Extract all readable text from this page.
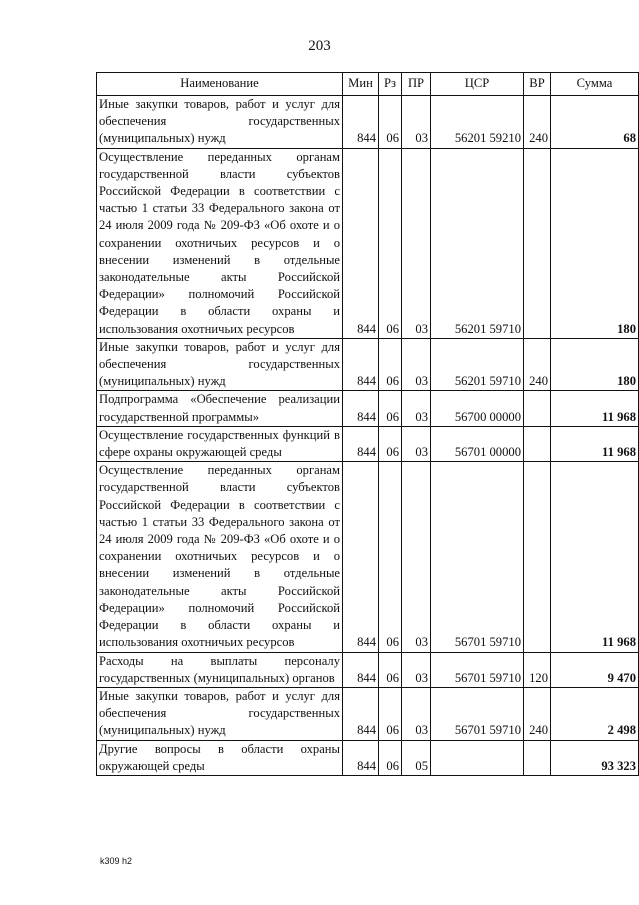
203
Наименование	Мин	Рз	ПР	ЦСР	ВР	Сумма
Иные закупки товаров, работ и услуг для обеспечения государственных (муниципальных) нужд	844	06	03	56201 59210	240	68
Осуществление переданных органам государственной власти субъектов Российской Федерации в соответствии с частью 1 статьи 33 Федерального закона от 24 июля 2009 года № 209-ФЗ «Об охоте и о сохранении охотничьих ресурсов и о внесении изменений в отдельные законодательные акты Российской Федерации» полномочий Российской Федерации в области охраны и использования охотничьих ресурсов	844	06	03	56201 59710		180
Иные закупки товаров, работ и услуг для обеспечения государственных (муниципальных) нужд	844	06	03	56201 59710	240	180
Подпрограмма «Обеспечение реализации государственной программы»	844	06	03	56700 00000		11 968
Осуществление государственных функций в сфере охраны окружающей среды	844	06	03	56701 00000		11 968
Осуществление переданных органам государственной власти субъектов Российской Федерации в соответствии с частью 1 статьи 33 Федерального закона от 24 июля 2009 года № 209-ФЗ «Об охоте и о сохранении охотничьих ресурсов и о внесении изменений в отдельные законодательные акты Российской Федерации» полномочий Российской Федерации в области охраны и использования охотничьих ресурсов	844	06	03	56701 59710		11 968
Расходы на выплаты персоналу государственных (муниципальных) органов	844	06	03	56701 59710	120	9 470
Иные закупки товаров, работ и услуг для обеспечения государственных (муниципальных) нужд	844	06	03	56701 59710	240	2 498
Другие вопросы в области охраны окружающей среды	844	06	05			93 323
k309 h2
